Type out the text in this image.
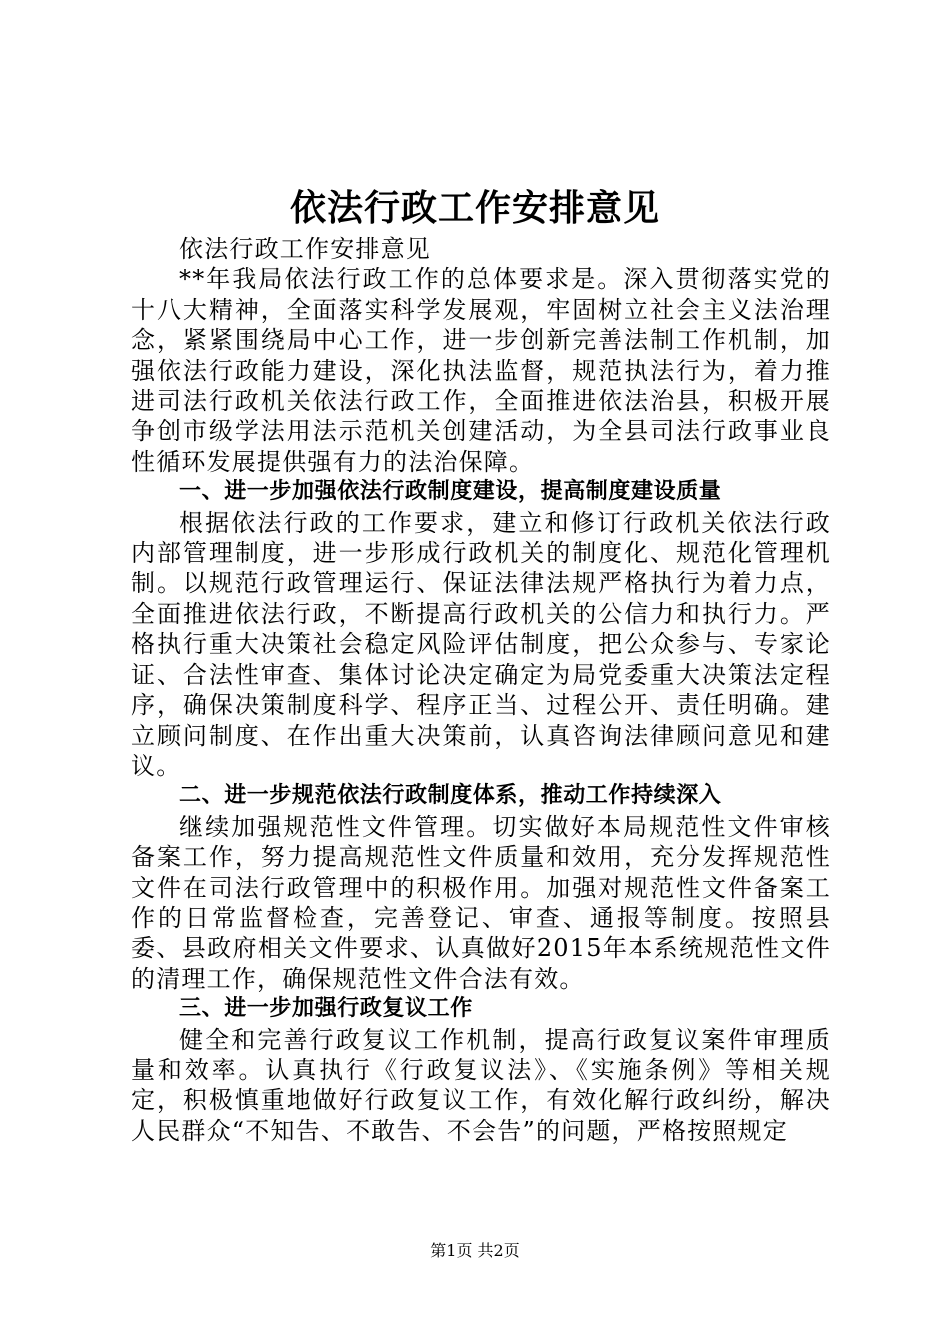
依法行政工作安排意见

依法行政工作安排意见

**年我局依法行政工作的总体要求是。深入贯彻落实党的十八大精神，全面落实科学发展观，牢固树立社会主义法治理念，紧紧围绕局中心工作，进一步创新完善法制工作机制，加强依法行政能力建设，深化执法监督，规范执法行为，着力推进司法行政机关依法行政工作，全面推进依法治县，积极开展争创市级学法用法示范机关创建活动，为全县司法行政事业良性循环发展提供强有力的法治保障。

一、进一步加强依法行政制度建设，提高制度建设质量

根据依法行政的工作要求，建立和修订行政机关依法行政内部管理制度，进一步形成行政机关的制度化、规范化管理机制。以规范行政管理运行、保证法律法规严格执行为着力点，全面推进依法行政，不断提高行政机关的公信力和执行力。严格执行重大决策社会稳定风险评估制度，把公众参与、专家论证、合法性审查、集体讨论决定确定为局党委重大决策法定程序，确保决策制度科学、程序正当、过程公开、责任明确。建立顾问制度、在作出重大决策前，认真咨询法律顾问意见和建议。

二、进一步规范依法行政制度体系，推动工作持续深入

继续加强规范性文件管理。切实做好本局规范性文件审核备案工作，努力提高规范性文件质量和效用，充分发挥规范性文件在司法行政管理中的积极作用。加强对规范性文件备案工作的日常监督检查，完善登记、审查、通报等制度。按照县委、县政府相关文件要求、认真做好2015年本系统规范性文件的清理工作，确保规范性文件合法有效。

三、进一步加强行政复议工作

健全和完善行政复议工作机制，提高行政复议案件审理质量和效率。认真执行《行政复议法》、《实施条例》等相关规定，积极慎重地做好行政复议工作，有效化解行政纠纷，解决人民群众“不知告、不敢告、不会告”的问题，严格按照规定

第1页 共2页
